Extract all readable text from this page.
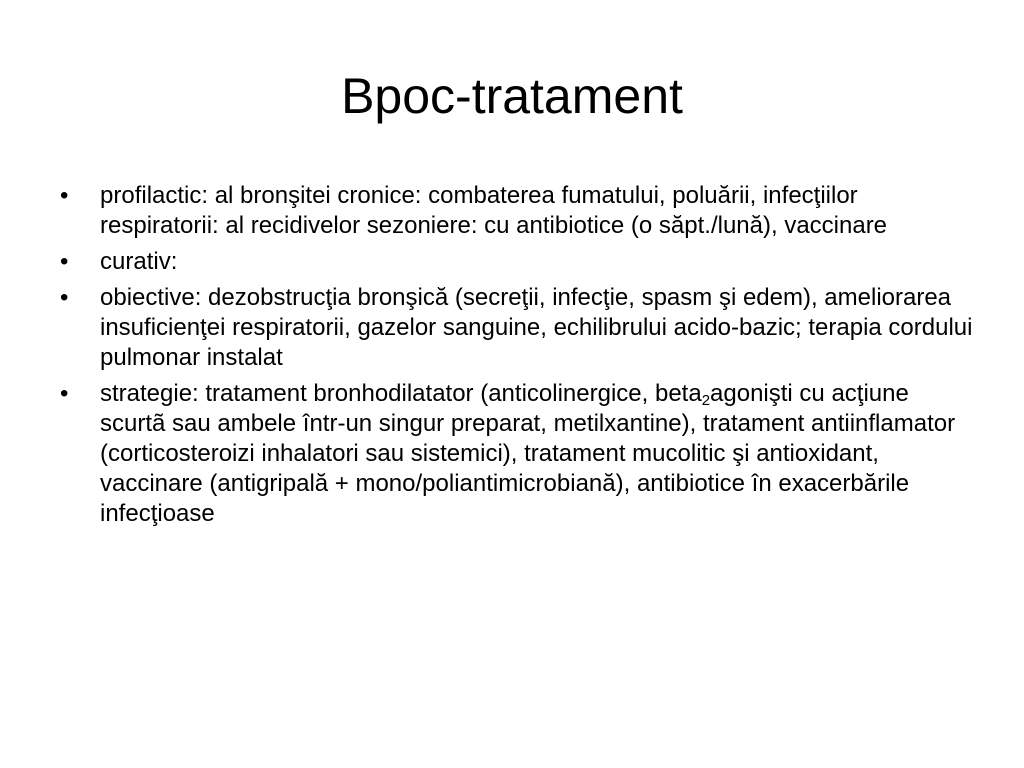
Bpoc-tratament
•	profilactic: al bronşitei cronice: combaterea fumatului, poluării, infecţiilor respiratorii: al recidivelor sezoniere: cu antibiotice (o săpt./lună), vaccinare
•	curativ:
•	obiective: dezobstrucţia bronşică (secreţii, infecţie, spasm şi edem), ameliorarea insuficienţei respiratorii, gazelor sanguine, echilibrului acido-bazic; terapia cordului pulmonar instalat
•	strategie: tratament bronhodilatator (anticolinergice, beta$_2$agonişti cu acţiune scurtã sau ambele într-un singur preparat, metilxantine), tratament antiinflamator (corticosteroizi inhalatori sau sistemici), tratament mucolitic şi antioxidant, vaccinare (antigripală + mono/poliantimicrobiană), antibiotice în exacerbările infecţioase
